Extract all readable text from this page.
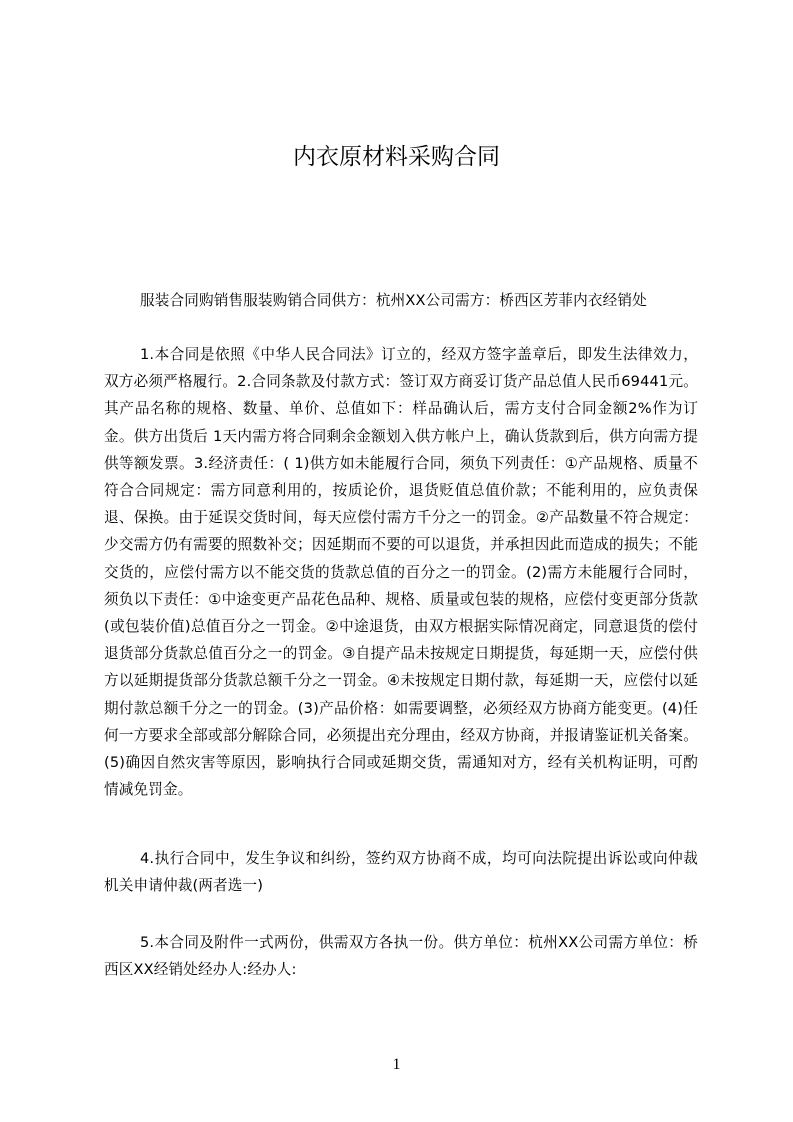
内衣原材料采购合同

服装合同购销售服装购销合同供方：杭州XX公司需方：桥西区芳菲内衣经销处

1.本合同是依照《中华人民合同法》订立的，经双方签字盖章后，即发生法律效力，双方必须严格履行。2.合同条款及付款方式：签订双方商妥订货产品总值人民币69441元。其产品名称的规格、数量、单价、总值如下：样品确认后，需方支付合同金额2%作为订金。供方出货后 1天内需方将合同剩余金额划入供方帐户上，确认货款到后，供方向需方提供等额发票。3.经济责任：( 1)供方如未能履行合同，须负下列责任：①产品规格、质量不符合合同规定：需方同意利用的，按质论价，退货贬值总值价款；不能利用的，应负责保退、保换。由于延误交货时间，每天应偿付需方千分之一的罚金。②产品数量不符合规定：少交需方仍有需要的照数补交；因延期而不要的可以退货，并承担因此而造成的损失；不能交货的，应偿付需方以不能交货的货款总值的百分之一的罚金。(2)需方未能履行合同时，须负以下责任：①中途变更产品花色品种、规格、质量或包装的规格，应偿付变更部分货款(或包装价值)总值百分之一罚金。②中途退货，由双方根据实际情况商定，同意退货的偿付退货部分货款总值百分之一的罚金。③自提产品未按规定日期提货，每延期一天，应偿付供方以延期提货部分货款总额千分之一罚金。④未按规定日期付款，每延期一天，应偿付以延期付款总额千分之一的罚金。(3)产品价格：如需要调整，必须经双方协商方能变更。(4)任何一方要求全部或部分解除合同，必须提出充分理由，经双方协商，并报请鉴证机关备案。(5)确因自然灾害等原因，影响执行合同或延期交货，需通知对方，经有关机构证明，可酌情减免罚金。

4.执行合同中，发生争议和纠纷，签约双方协商不成，均可向法院提出诉讼或向仲裁机关申请仲裁(两者选一)

5.本合同及附件一式两份，供需双方各执一份。供方单位：杭州XX公司需方单位：桥西区XX经销处经办人:经办人:

1
